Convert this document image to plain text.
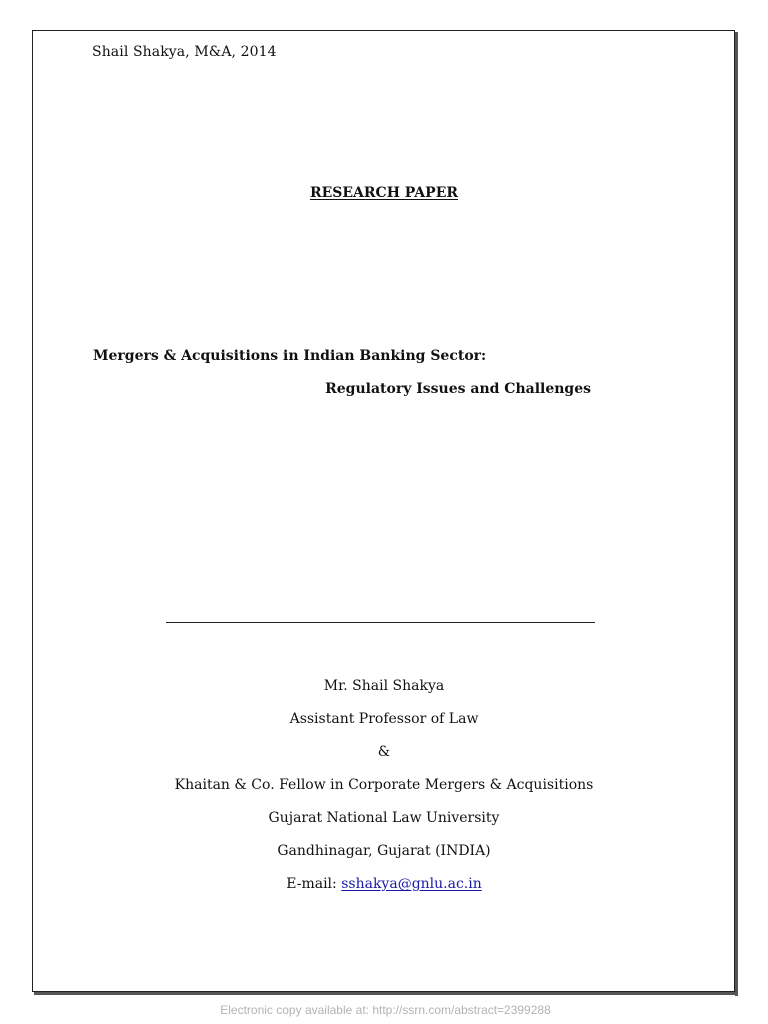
Shail Shakya, M&A, 2014
RESEARCH PAPER
Mergers & Acquisitions in Indian Banking Sector:
Regulatory Issues and Challenges
Mr. Shail Shakya
Assistant Professor of Law
&
Khaitan & Co. Fellow in Corporate Mergers & Acquisitions
Gujarat National Law University
Gandhinagar, Gujarat (INDIA)
E-mail: sshakya@gnlu.ac.in
Electronic copy available at: http://ssrn.com/abstract=2399288
